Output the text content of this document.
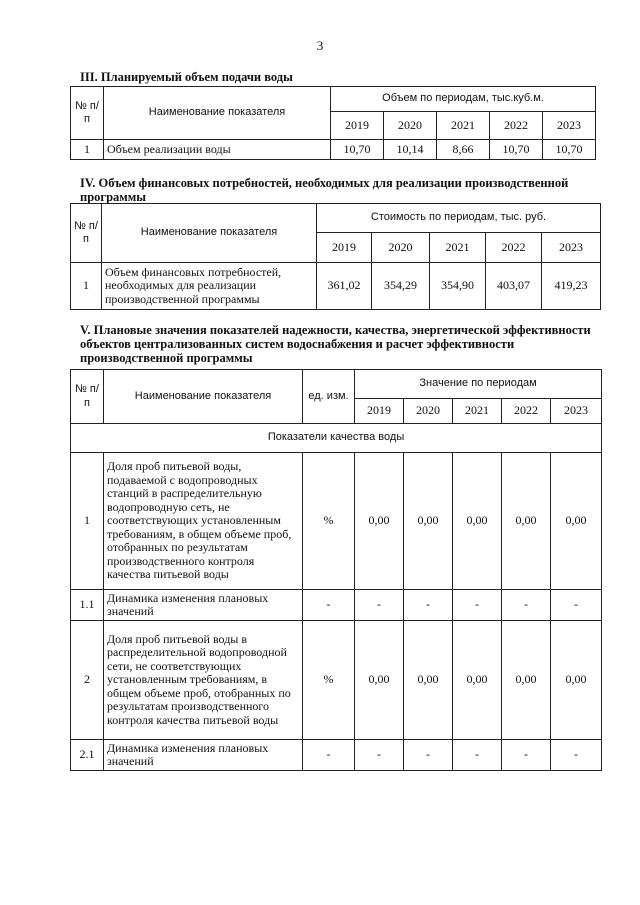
3
III. Планируемый объем подачи воды
№ п/п	Наименование показателя	Объем по периодам, тыс.куб.м.				
		2019	2020	2021	2022	2023
1	Объем реализации воды	10,70	10,14	8,66	10,70	10,70
IV. Объем финансовых потребностей, необходимых для реализации производственной программы
№ п/п	Наименование показателя	Стоимость по периодам, тыс. руб.				
		2019	2020	2021	2022	2023
1	Объем финансовых потребностей, необходимых для реализации производственной программы	361,02	354,29	354,90	403,07	419,23
V. Плановые значения показателей надежности, качества, энергетической эффективности объектов централизованных систем водоснабжения и расчет эффективности производственной программы
№ п/п	Наименование показателя	ед. изм.	Значение по периодам				
			2019	2020	2021	2022	2023
Показатели качества воды							
1	Доля проб питьевой воды, подаваемой с водопроводных станций в распределительную водопроводную сеть, не соответствующих установленным требованиям, в общем объеме проб, отобранных по результатам производственного контроля качества питьевой воды	%	0,00	0,00	0,00	0,00	0,00
1.1	Динамика изменения плановых значений	-	-	-	-	-	-
2	Доля проб питьевой воды в распределительной водопроводной сети, не соответствующих установленным требованиям, в общем объеме проб, отобранных по результатам производственного контроля качества питьевой воды	%	0,00	0,00	0,00	0,00	0,00
2.1	Динамика изменения плановых значений	-	-	-	-	-	-
